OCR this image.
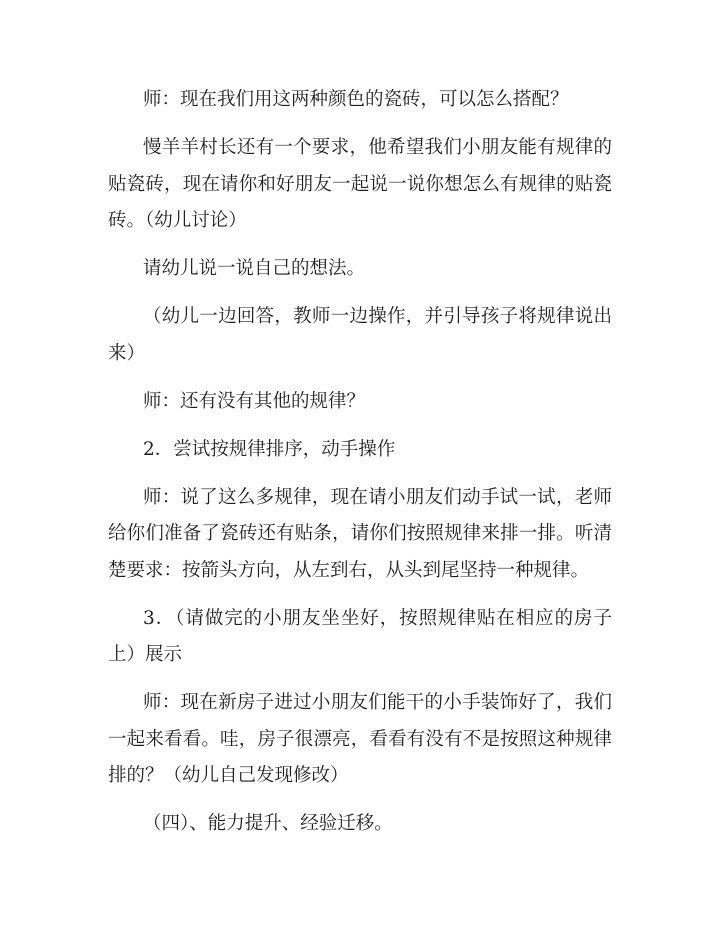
师：现在我们用这两种颜色的瓷砖，可以怎么搭配？

慢羊羊村长还有一个要求，他希望我们小朋友能有规律的
贴瓷砖，现在请你和好朋友一起说一说你想怎么有规律的贴瓷
砖。（幼儿讨论）

请幼儿说一说自己的想法。

（幼儿一边回答，教师一边操作，并引导孩子将规律说出
来）

师：还有没有其他的规律？

2．尝试按规律排序，动手操作

师：说了这么多规律，现在请小朋友们动手试一试，老师
给你们准备了瓷砖还有贴条，请你们按照规律来排一排。听清
楚要求：按箭头方向，从左到右，从头到尾坚持一种规律。

3．（请做完的小朋友坐坐好，按照规律贴在相应的房子
上）展示

师：现在新房子进过小朋友们能干的小手装饰好了，我们
一起来看看。哇，房子很漂亮，看看有没有不是按照这种规律
排的？（幼儿自己发现修改）

（四）、能力提升、经验迁移。
